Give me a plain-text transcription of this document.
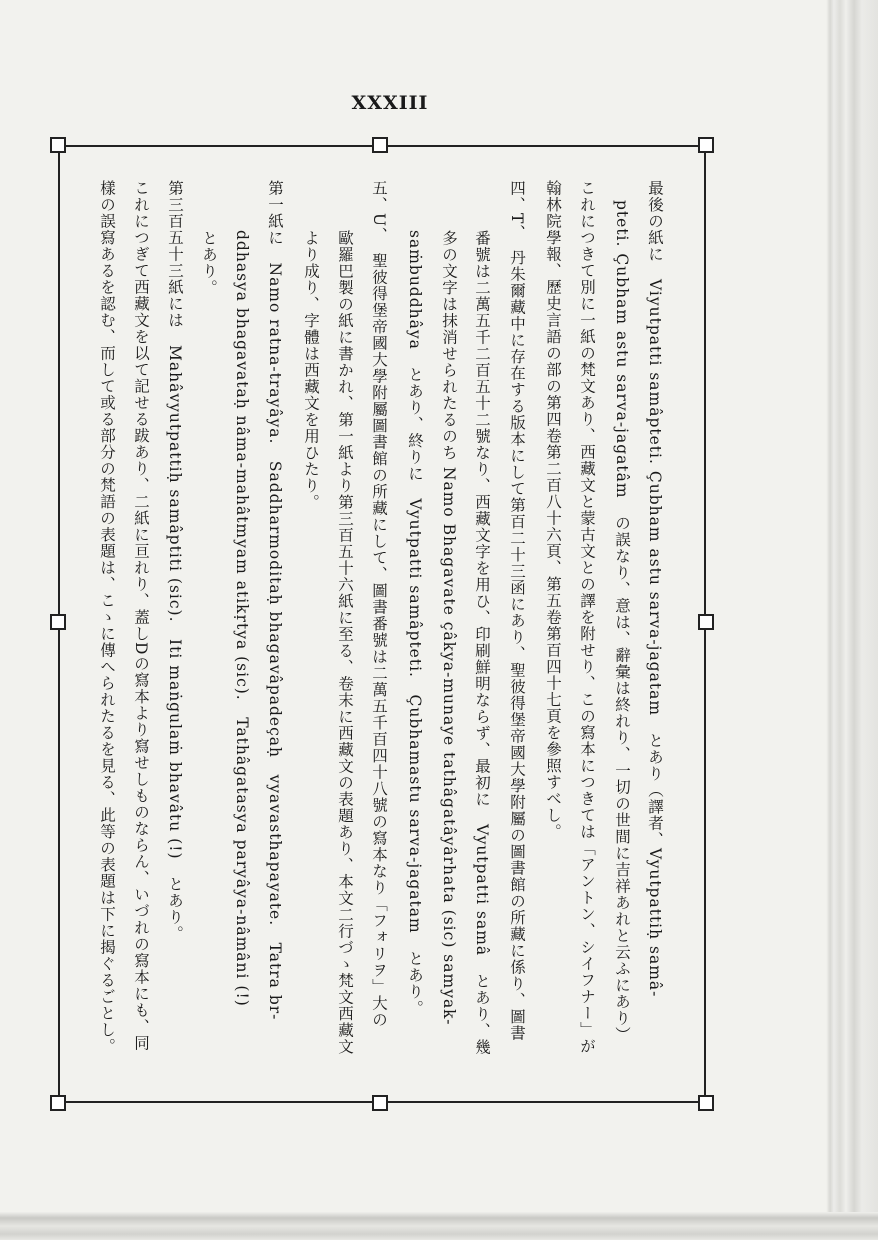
XXXIII
最後の紙に　Viyutpatti samâpteti. Çubham astu sarva-jagatam　とあり（譯者、Vyutpattiḥ samâ-
pteti. Çubham astu sarva-jagatâm　の誤なり、意は、辭彙は終れり、一切の世間に吉祥あれと云ふにあり）
これにつきて別に一紙の梵文あり、西藏文と蒙古文との譯を附せり、この寫本につきては「アントン、シイフナー」が
翰林院學報、歷史言語の部の第四卷第二百八十六頁、第五卷第百四十七頁を參照すべし。
四、T、　丹朱爾藏中に存在する版本にして第百二十三函にあり、聖彼得堡帝國大學附屬の圖書館の所藏に係り、圖書
番號は二萬五千二百五十二號なり、西藏文字を用ひ、印刷鮮明ならず、最初に　Vyutpatti samâ　とあり、幾
多の文字は抹消せられたるのち Namo Bhagavate çâkya-munaye tathâgatâyârhata (sic) samyak-
saṁbuddhâya　とあり、終りに　Vyutpatti samâpteti.　Çubhamastu sarva-jagatam　とあり。
五、U、　聖彼得堡帝國大學附屬圖書館の所藏にして、圖書番號は二萬五千百四十八號の寫本なり「フォリヲ」大の
歐羅巴製の紙に書かれ、第一紙より第三百五十六紙に至る、卷末に西藏文の表題あり、本文二行づゝ梵文西藏文
より成り、字體は西藏文を用ひたり。
第一紙に　Namo ratna-trayâya.　Saddharmoditaḥ bhagavâpadeçaḥ　vyavasthapayate.　Tatra br-
ddhasya bhagavataḥ nâma-mahâtmyam atikṛtya (sic).　Tathâgatasya paryâya-nâmâni (!)
とあり。
第三百五十三紙には　Mahâvyutpattiḥ samâptiti (sic).　Iti maṅgulaṁ bhavâtu (!)　とあり。
これにつぎて西藏文を以て記せる跋あり、二紙に亘れり、蓋しDの寫本より寫せしものならん、いづれの寫本にも、同
樣の誤寫あるを認む、而して或る部分の梵語の表題は、こゝに傳へられたるを見る、此等の表題は下に揭ぐるごとし。
